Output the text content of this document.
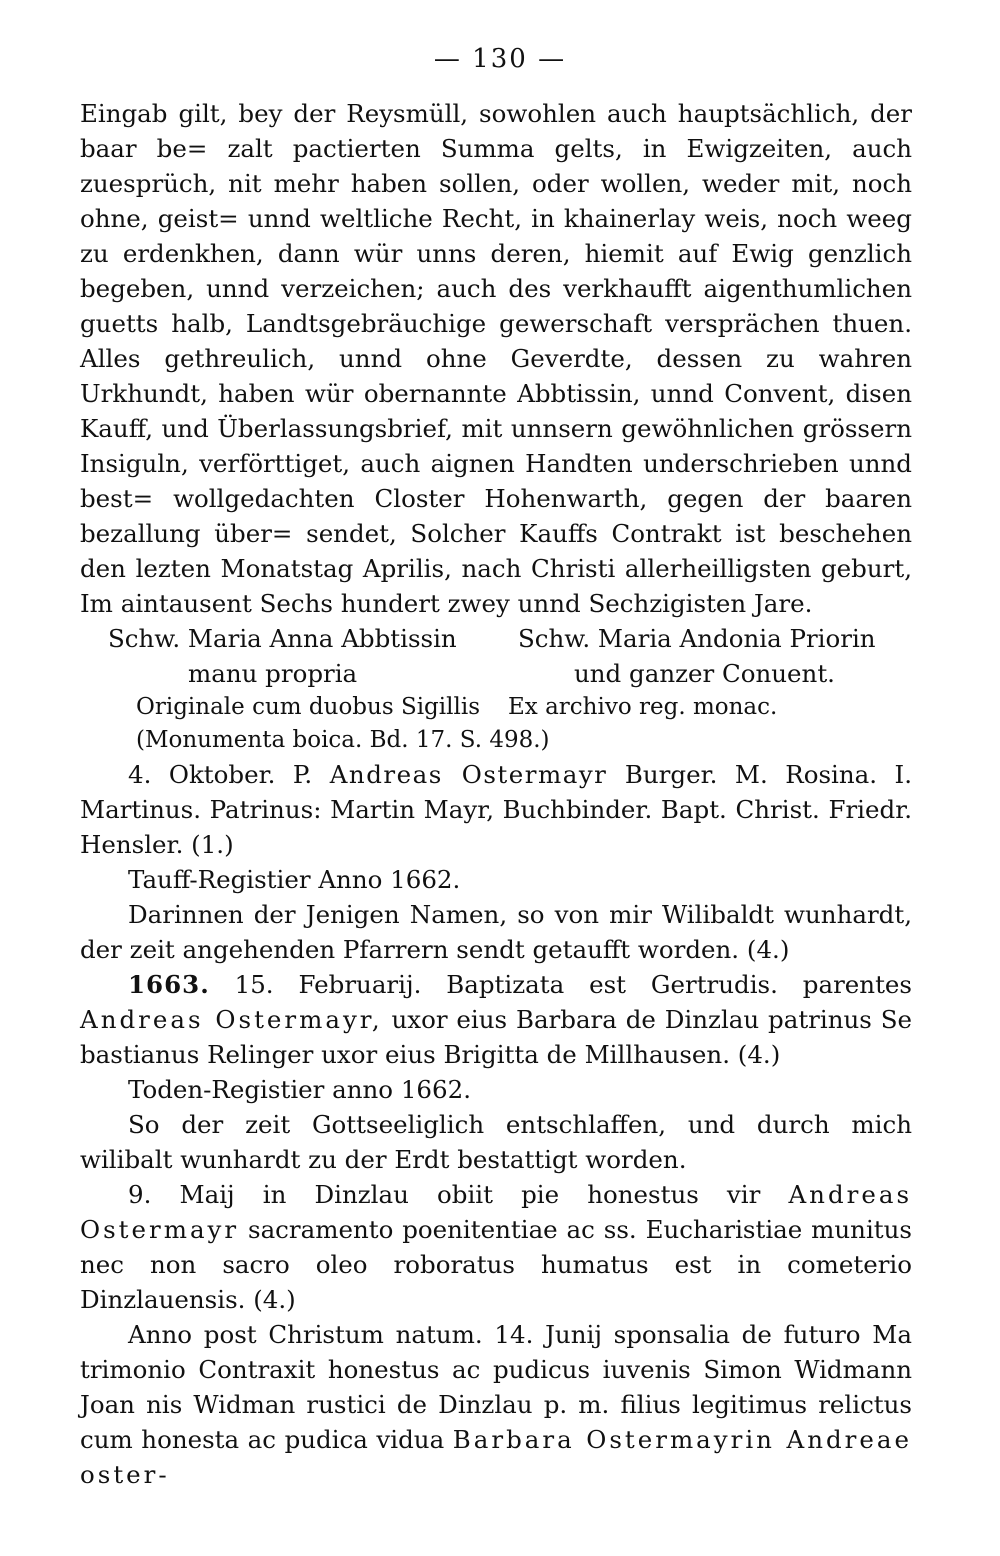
— 130 —

Eingab gilt, bey der Reysmüll, sowohlen auch hauptsächlich, der baar be= zalt pactierten Summa gelts, in Ewigzeiten, auch zuesprüch, nit mehr haben sollen, oder wollen, weder mit, noch ohne, geist= unnd weltliche Recht, in khainerlay weis, noch weeg zu erdenkhen, dann wür unns deren, hiemit auf Ewig genzlich begeben, unnd verzeichen; auch des verkhaufft aigenthumlichen guetts halb, Landtsgebräuchige gewerschaft versprächen thuen. Alles gethreulich, unnd ohne Geverdte, dessen zu wahren Urkhundt, haben wür obernannte Abbtissin, unnd Convent, disen Kauff, und Überlassungsbrief, mit unnsern gewöhnlichen grössern Insiguln, verförttiget, auch aignen Handten underschrieben unnd best= wollgedachten Closter Hohenwarth, gegen der baaren bezallung über= sendet, Solcher Kauffs Contrakt ist beschehen den lezten Monatstag Aprilis, nach Christi allerheilligsten geburt, Im aintausent Sechs hundert zwey unnd Sechzigisten Jare.

Schw. Maria Anna Abbtissin
manu propria
Schw. Maria Andonia Priorin
und ganzer Conuent.

Originale cum duobus Sigillis Ex archivo reg. monac.

(Monumenta boica. Bd. 17. S. 498.)

4. Oktober. P. Andreas Ostermayr Burger. M. Rosina. I. Martinus. Patrinus: Martin Mayr, Buchbinder. Bapt. Christ. Friedr. Hensler. (1.)

Tauff-Registier Anno 1662.

Darinnen der Jenigen Namen, so von mir Wilibaldt wunhardt, der zeit angehenden Pfarrern sendt getaufft worden. (4.)

1663. 15. Februarij. Baptizata est Gertrudis. parentes Andreas Ostermayr, uxor eius Barbara de Dinzlau patrinus Se bastianus Relinger uxor eius Brigitta de Millhausen. (4.)

Toden-Registier anno 1662.

So der zeit Gottseeliglich entschlaffen, und durch mich wilibalt wunhardt zu der Erdt bestattigt worden.

9. Maij in Dinzlau obiit pie honestus vir Andreas Ostermayr sacramento poenitentiae ac ss. Eucharistiae munitus nec non sacro oleo roboratus humatus est in cometerio Dinzlauensis. (4.)

Anno post Christum natum. 14. Junij sponsalia de futuro Ma trimonio Contraxit honestus ac pudicus iuvenis Simon Widmann Joan nis Widman rustici de Dinzlau p. m. filius legitimus relictus cum honesta ac pudica vidua Barbara Ostermayrin Andreae oster-
